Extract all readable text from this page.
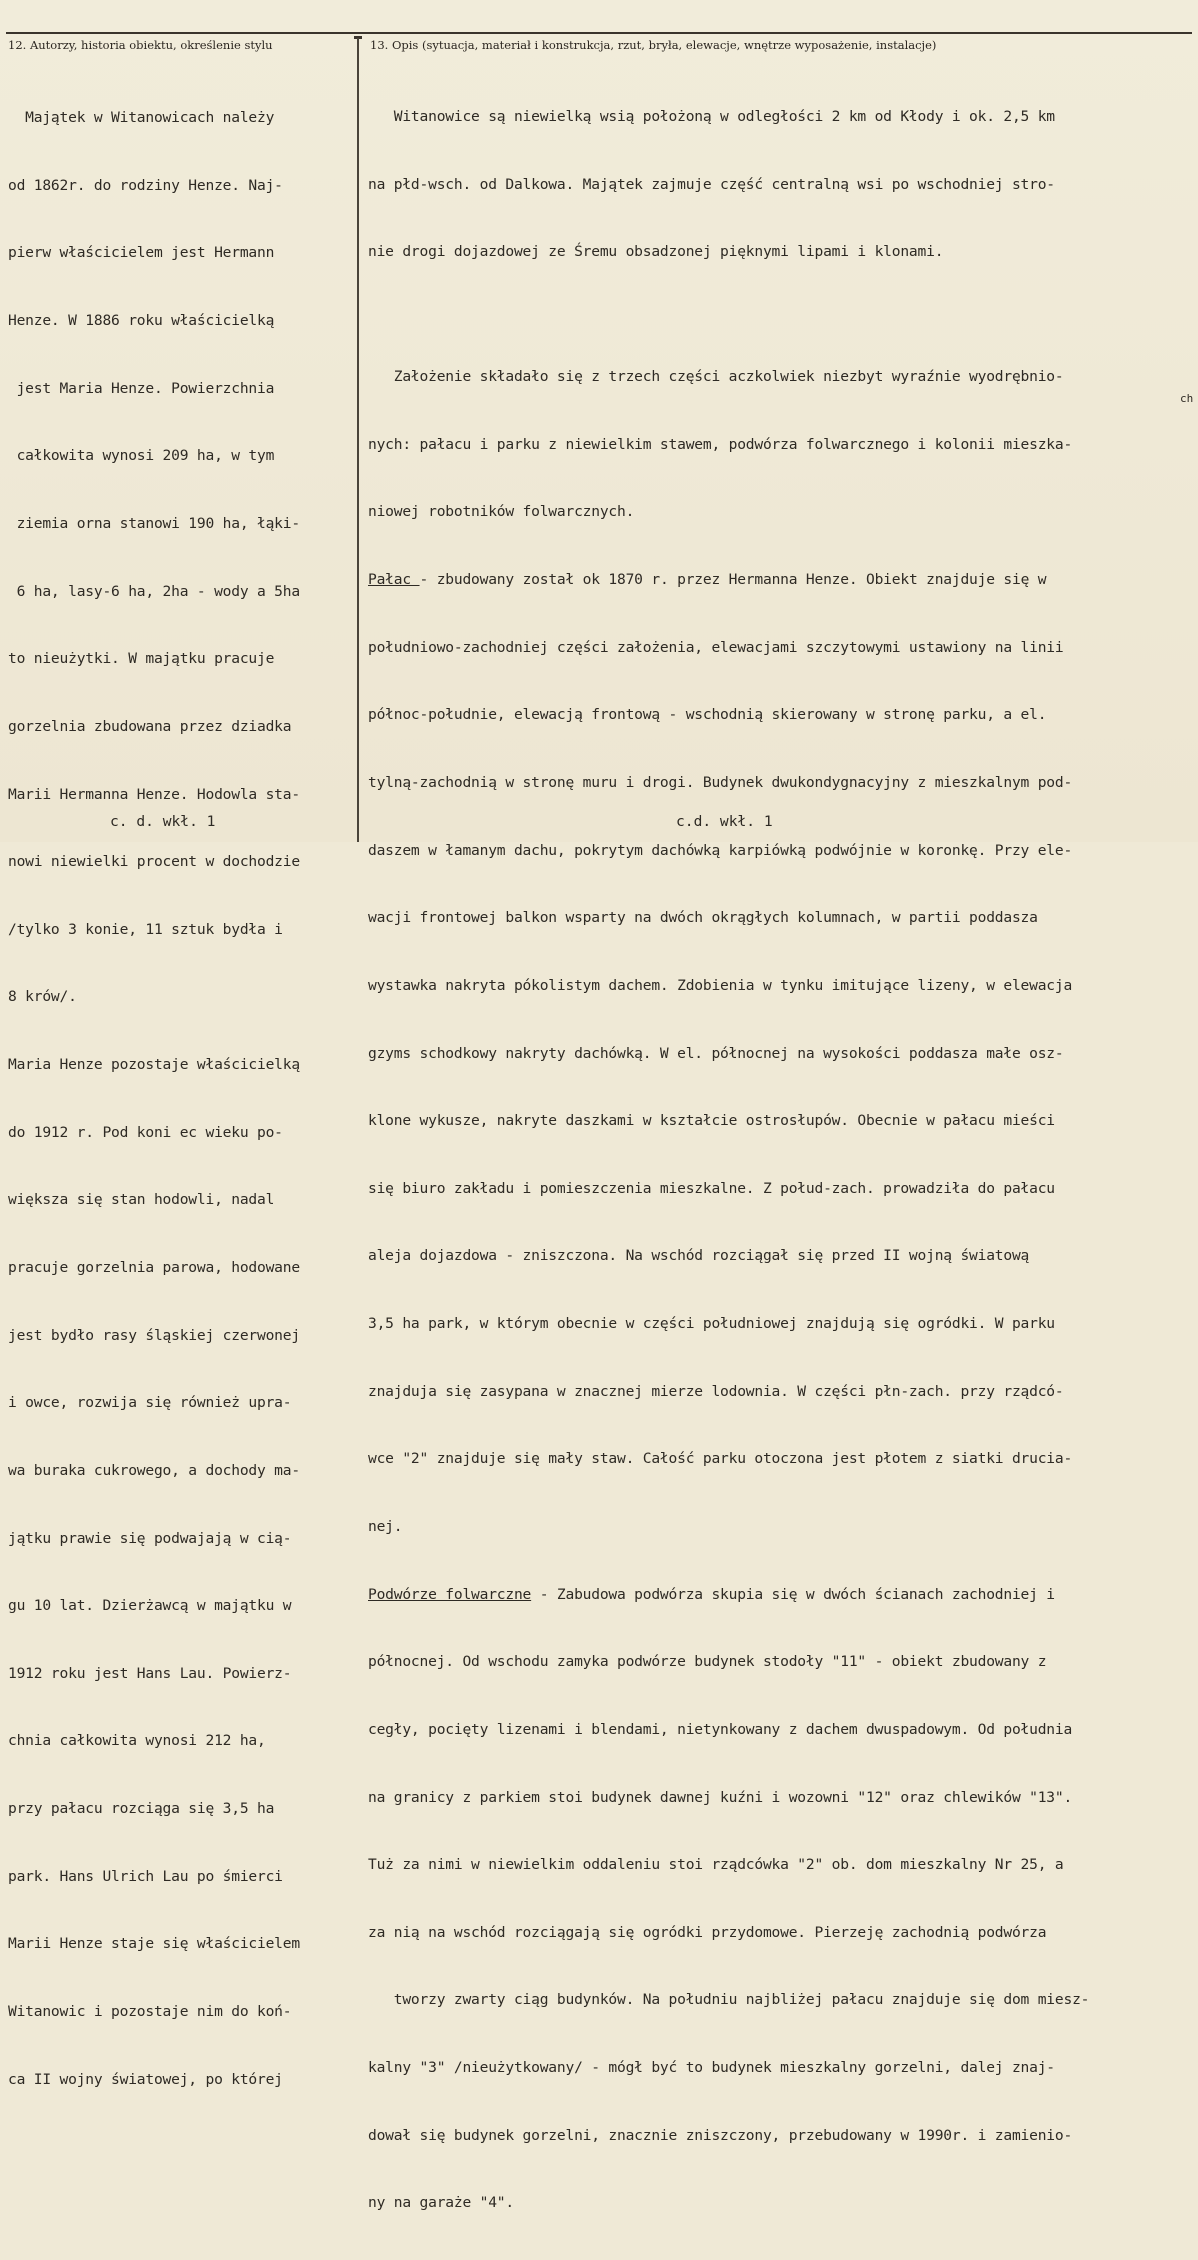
12. Autorzy, historia obiektu, określenie stylu	13. Opis (sytuacja, materiał i konstrukcja, rzut, bryła, elewacje, wnętrze wyposażenie, instalacje)

Majątek w Witanowicach należy

od 1862r. do rodziny Henze. Naj-

pierw właścicielem jest Hermann

Henze. W 1886 roku właścicielką

jest Maria Henze. Powierzchnia

całkowita wynosi 209 ha, w tym

ziemia orna stanowi 190 ha, łąki-

6 ha, lasy-6 ha, 2ha - wody a 5ha

to nieużytki. W majątku pracuje

gorzelnia zbudowana przez dziadka

Marii Hermanna Henze. Hodowla sta-

nowi niewielki procent w dochodzie

/tylko 3 konie, 11 sztuk bydła i

8 krów/.

Maria Henze pozostaje właścicielką

do 1912 r. Pod koni ec wieku po-

większa się stan hodowli, nadal

pracuje gorzelnia parowa, hodowane

jest bydło rasy śląskiej czerwonej

i owce, rozwija się również upra-

wa buraka cukrowego, a dochody ma-

jątku prawie się podwajają w cią-

gu 10 lat. Dzierżawcą w majątku w

1912 roku jest Hans Lau. Powierz-

chnia całkowita wynosi 212 ha,

przy pałacu rozciąga się 3,5 ha

park. Hans Ulrich Lau po śmierci

Marii Henze staje się właścicielem

Witanowic i pozostaje nim do koń-

ca II wojny światowej, po której

Witanowice są niewielką wsią położoną w odległości 2 km od Kłody i ok. 2,5 km

na płd-wsch. od Dalkowa. Majątek zajmuje część centralną wsi po wschodniej stro-

nie drogi dojazdowej ze Śremu obsadzonej pięknymi lipami i klonami.

Założenie składało się z trzech części aczkolwiek niezbyt wyraźnie wyodrębnio-

nych: pałacu i parku z niewielkim stawem, podwórza folwarcznego i kolonii mieszka-

niowej robotników folwarcznych.

Pałac - zbudowany został ok 1870 r. przez Hermanna Henze. Obiekt znajduje się w

południowo-zachodniej części założenia, elewacjami szczytowymi ustawiony na linii

północ-południe, elewacją frontową - wschodnią skierowany w stronę parku, a el.

tylną-zachodnią w stronę muru i drogi. Budynek dwukondygnacyjny z mieszkalnym pod-

daszem w łamanym dachu, pokrytym dachówką karpiówką podwójnie w koronkę. Przy ele-

wacji frontowej balkon wsparty na dwóch okrągłych kolumnach, w partii poddasza

wystawka nakryta pókolistym dachem. Zdobienia w tynku imitujące lizeny, w elewacja

gzyms schodkowy nakryty dachówką. W el. północnej na wysokości poddasza małe osz-

klone wykusze, nakryte daszkami w kształcie ostrosłupów. Obecnie w pałacu mieści

się biuro zakładu i pomieszczenia mieszkalne. Z połud-zach. prowadziła do pałacu

aleja dojazdowa - zniszczona. Na wschód rozciągał się przed II wojną światową

3,5 ha park, w którym obecnie w części południowej znajdują się ogródki. W parku

znajduja się zasypana w znacznej mierze lodownia. W części płn-zach. przy rządcó-

wce "2" znajduje się mały staw. Całość parku otoczona jest płotem z siatki druciа-

nej.

Podwórze folwarczne - Zabudowa podwórza skupia się w dwóch ścianach zachodniej i

północnej. Od wschodu zamyka podwórze budynek stodoły "11" - obiekt zbudowany z

cegły, pocięty lizenami i blendami, nietynkowany z dachem dwuspadowym. Od południa

na granicy z parkiem stoi budynek dawnej kuźni i wozowni "12" oraz chlewików "13".

Tuż za nimi w niewielkim oddaleniu stoi rządcówka "2" ob. dom mieszkalny Nr 25, a

za nią na wschód rozciągają się ogródki przydomowe. Pierzeję zachodnią podwórza

tworzy zwarty ciąg budynków. Na południu najbliżej pałacu znajduje się dom miesz-

kalny "3" /nieużytkowany/ - mógł być to budynek mieszkalny gorzelni, dalej znaj-

dował się budynek gorzelni, znacznie zniszczony, przebudowany w 1990r. i zamienio-

ny na garaże "4".

ch
c. d. wkł. 1	c.d. wkł. 1
